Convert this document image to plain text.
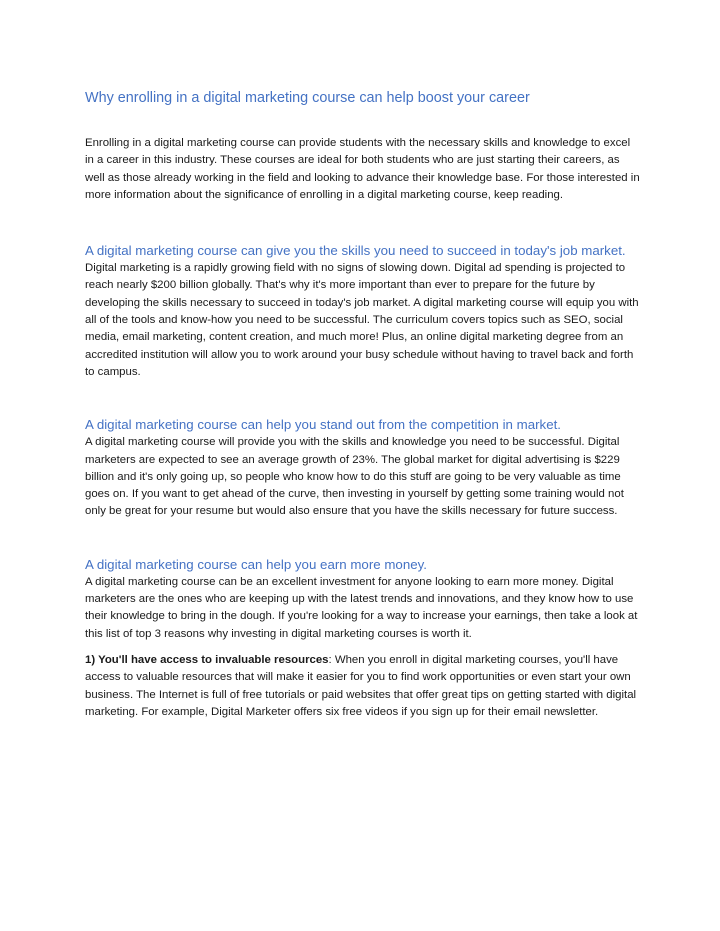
Why enrolling in a digital marketing course can help boost your career

Enrolling in a digital marketing course can provide students with the necessary skills and knowledge to excel in a career in this industry. These courses are ideal for both students who are just starting their careers, as well as those already working in the field and looking to advance their knowledge base. For those interested in more information about the significance of enrolling in a digital marketing course, keep reading.

A digital marketing course can give you the skills you need to succeed in today's job market.

Digital marketing is a rapidly growing field with no signs of slowing down. Digital ad spending is projected to reach nearly $200 billion globally. That's why it's more important than ever to prepare for the future by developing the skills necessary to succeed in today's job market. A digital marketing course will equip you with all of the tools and know-how you need to be successful. The curriculum covers topics such as SEO, social media, email marketing, content creation, and much more! Plus, an online digital marketing degree from an accredited institution will allow you to work around your busy schedule without having to travel back and forth to campus.

A digital marketing course can help you stand out from the competition in market.

A digital marketing course will provide you with the skills and knowledge you need to be successful. Digital marketers are expected to see an average growth of 23%. The global market for digital advertising is $229 billion and it's only going up, so people who know how to do this stuff are going to be very valuable as time goes on. If you want to get ahead of the curve, then investing in yourself by getting some training would not only be great for your resume but would also ensure that you have the skills necessary for future success.

A digital marketing course can help you earn more money.

A digital marketing course can be an excellent investment for anyone looking to earn more money. Digital marketers are the ones who are keeping up with the latest trends and innovations, and they know how to use their knowledge to bring in the dough. If you're looking for a way to increase your earnings, then take a look at this list of top 3 reasons why investing in digital marketing courses is worth it.

1) You'll have access to invaluable resources: When you enroll in digital marketing courses, you'll have access to valuable resources that will make it easier for you to find work opportunities or even start your own business. The Internet is full of free tutorials or paid websites that offer great tips on getting started with digital marketing. For example, Digital Marketer offers six free videos if you sign up for their email newsletter.
